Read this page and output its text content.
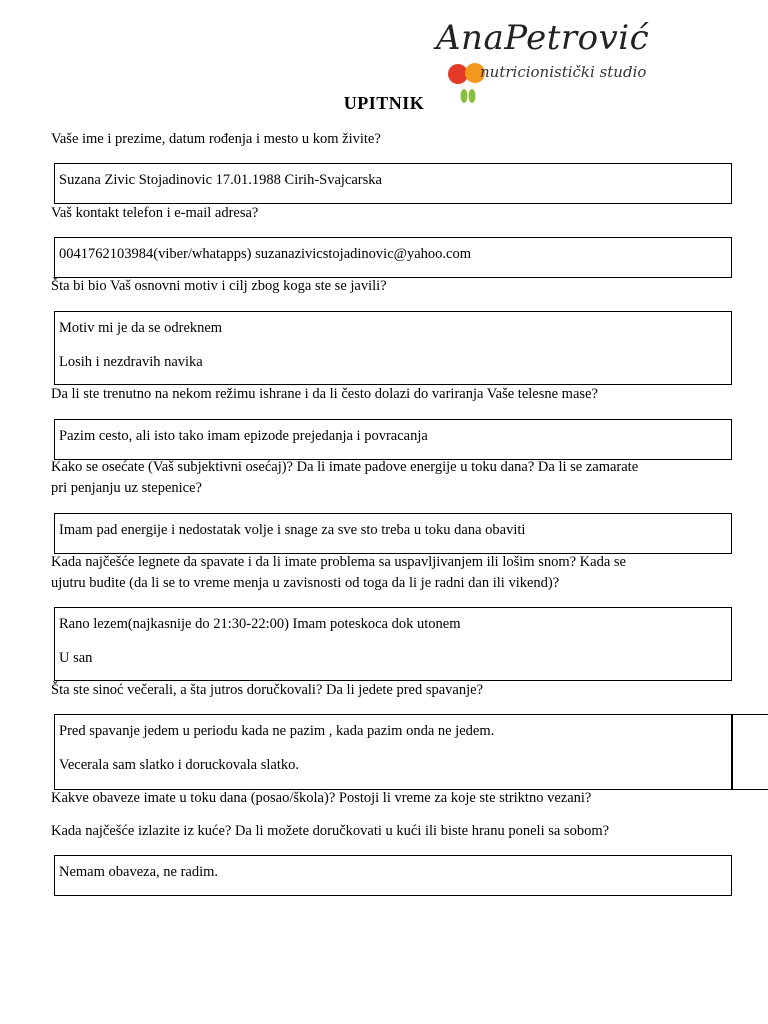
AnaPetrović
nutricionistički studio
UPITNIK
Vaše ime i prezime, datum rođenja i mesto u kom živite?

Suzana Zivic Stojadinovic 17.01.1988 Cirih-Svajcarska

Vaš kontakt telefon i e-mail adresa?

0041762103984(viber/whatapps) suzanazivicstojadinovic@yahoo.com

Šta bi bio Vaš osnovni motiv i cilj zbog koga ste se javili?

Motiv mi je da se odreknem

Losih i nezdravih navika

Da li ste trenutno na nekom režimu ishrane i da li često dolazi do variranja Vaše telesne mase?

Pazim cesto, ali isto tako imam epizode prejedanja i povracanja

Kako se osećate (Vaš subjektivni osećaj)? Da li imate padove energije u toku dana? Da li se zamarate
pri penjanju uz stepenice?

Imam pad energije i nedostatak volje i snage za sve sto treba u toku dana obaviti

Kada najčešće legnete da spavate i da li imate problema sa uspavljivanjem ili lošim snom? Kada se
ujutru budite (da li se to vreme menja u zavisnosti od toga da li je radni dan ili vikend)?

Rano lezem(najkasnije do 21:30-22:00) Imam poteskoca dok utonem

U san

Šta ste sinoć večerali, a šta jutros doručkovali? Da li jedete pred spavanje?

Pred spavanje jedem u periodu kada ne pazim , kada pazim onda ne jedem.

Vecerala sam slatko i doruckovala slatko.

Kakve obaveze imate u toku dana (posao/škola)? Postoji li vreme za koje ste striktno vezani?
Kada najčešće izlazite iz kuće? Da li možete doručkovati u kući ili biste hranu poneli sa sobom?

Nemam obaveza, ne radim.
